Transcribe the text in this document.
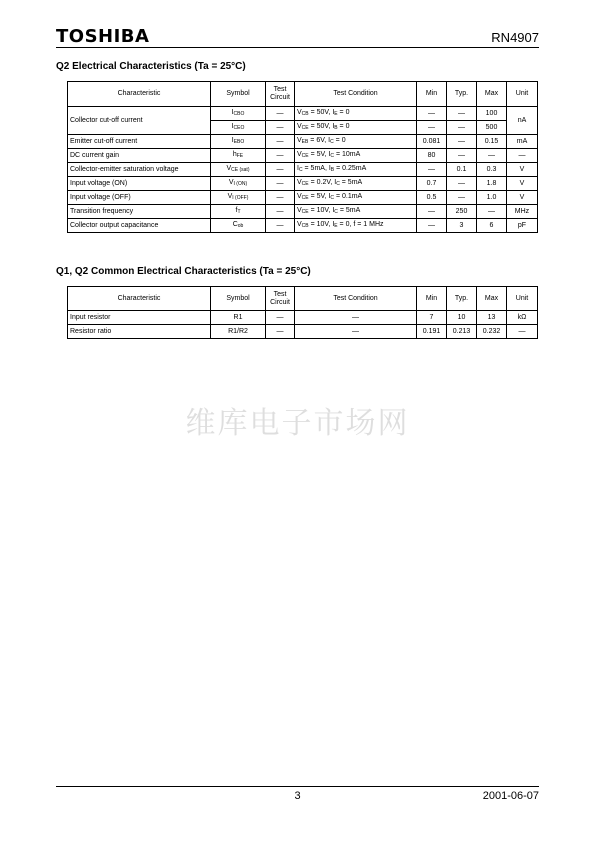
TOSHIBA	RN4907
Q2 Electrical Characteristics (Ta = 25°C)
Characteristic	Symbol	Test Circuit	Test Condition	Min	Typ.	Max	Unit
Collector cut-off current	$I_{CBO}$	—	$V_{CB} = 50V$, $I_E = 0$	—	—	100	nA
	$I_{CEO}$	—	$V_{CE} = 50V$, $I_B = 0$	—	—	500	
Emitter cut-off current	$I_{EBO}$	—	$V_{EB} = 6V$, $I_C = 0$	0.081	—	0.15	mA
DC current gain	$h_{FE}$	—	$V_{CE} = 5V$, $I_C = 10mA$	80	—	—	—
Collector-emitter saturation voltage	$V_{CE (sat)}$	—	$I_C = 5mA$, $I_B = 0.25mA$	—	0.1	0.3	V
Input voltage (ON)	$V_{I (ON)}$	—	$V_{CE} = 0.2V$, $I_C = 5mA$	0.7	—	1.8	V
Input voltage (OFF)	$V_{I (OFF)}$	—	$V_{CE} = 5V$, $I_C = 0.1mA$	0.5	—	1.0	V
Transition frequency	$f_T$	—	$V_{CE} = 10V$, $I_C = 5mA$	—	250	—	MHz
Collector output capacitance	$C_{ob}$	—	$V_{CB} = 10V$, $I_E = 0$, f = 1 MHz	—	3	6	pF
Q1, Q2 Common Electrical Characteristics (Ta = 25°C)
Characteristic	Symbol	Test Circuit	Test Condition	Min	Typ.	Max	Unit
Input resistor	R1	—	—	7	10	13	kΩ
Resistor ratio	R1/R2	—	—	0.191	0.213	0.232	—
维库电子市场网
3	2001-06-07
